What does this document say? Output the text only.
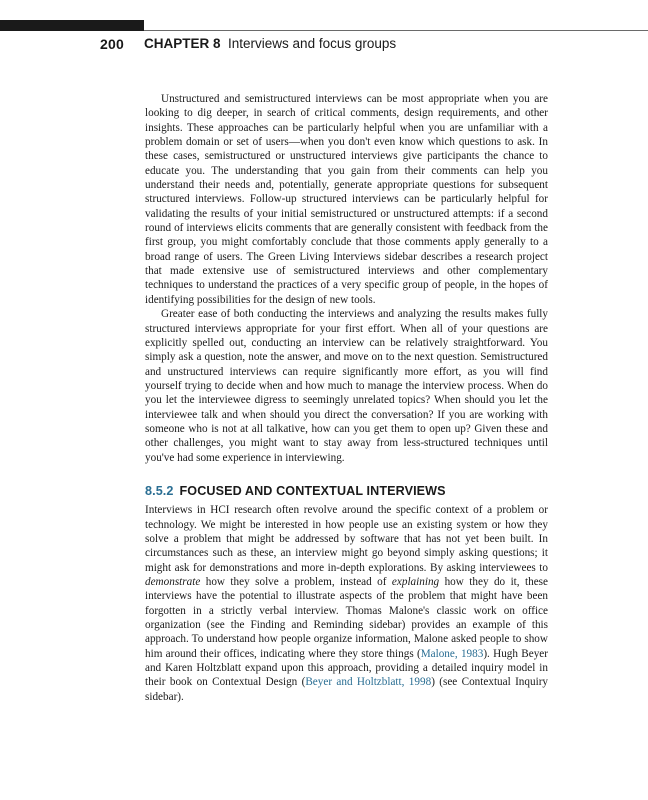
200 CHAPTER 8 Interviews and focus groups

Unstructured and semistructured interviews can be most appropriate when you are looking to dig deeper, in search of critical comments, design requirements, and other insights. These approaches can be particularly helpful when you are unfamiliar with a problem domain or set of users—when you don't even know which questions to ask. In these cases, semistructured or unstructured interviews give participants the chance to educate you. The understanding that you gain from their comments can help you understand their needs and, potentially, generate appropriate questions for subsequent structured interviews. Follow-up structured interviews can be particularly helpful for validating the results of your initial semistructured or unstructured attempts: if a second round of interviews elicits comments that are generally consistent with feedback from the first group, you might comfortably conclude that those comments apply generally to a broad range of users. The Green Living Interviews sidebar describes a research project that made extensive use of semistructured interviews and other complementary techniques to understand the practices of a very specific group of people, in the hopes of identifying possibilities for the design of new tools.

Greater ease of both conducting the interviews and analyzing the results makes fully structured interviews appropriate for your first effort. When all of your questions are explicitly spelled out, conducting an interview can be relatively straightforward. You simply ask a question, note the answer, and move on to the next question. Semistructured and unstructured interviews can require significantly more effort, as you will find yourself trying to decide when and how much to manage the interview process. When do you let the interviewee digress to seemingly unrelated topics? When should you let the interviewee talk and when should you direct the conversation? If you are working with someone who is not at all talkative, how can you get them to open up? Given these and other challenges, you might want to stay away from less-structured techniques until you've had some experience in interviewing.

8.5.2 FOCUSED AND CONTEXTUAL INTERVIEWS

Interviews in HCI research often revolve around the specific context of a problem or technology. We might be interested in how people use an existing system or how they solve a problem that might be addressed by software that has not yet been built. In circumstances such as these, an interview might go beyond simply asking questions; it might ask for demonstrations and more in-depth explorations. By asking interviewees to demonstrate how they solve a problem, instead of explaining how they do it, these interviews have the potential to illustrate aspects of the problem that might have been forgotten in a strictly verbal interview. Thomas Malone's classic work on office organization (see the Finding and Reminding sidebar) provides an example of this approach. To understand how people organize information, Malone asked people to show him around their offices, indicating where they store things (Malone, 1983). Hugh Beyer and Karen Holtzblatt expand upon this approach, providing a detailed inquiry model in their book on Contextual Design (Beyer and Holtzblatt, 1998) (see Contextual Inquiry sidebar).
